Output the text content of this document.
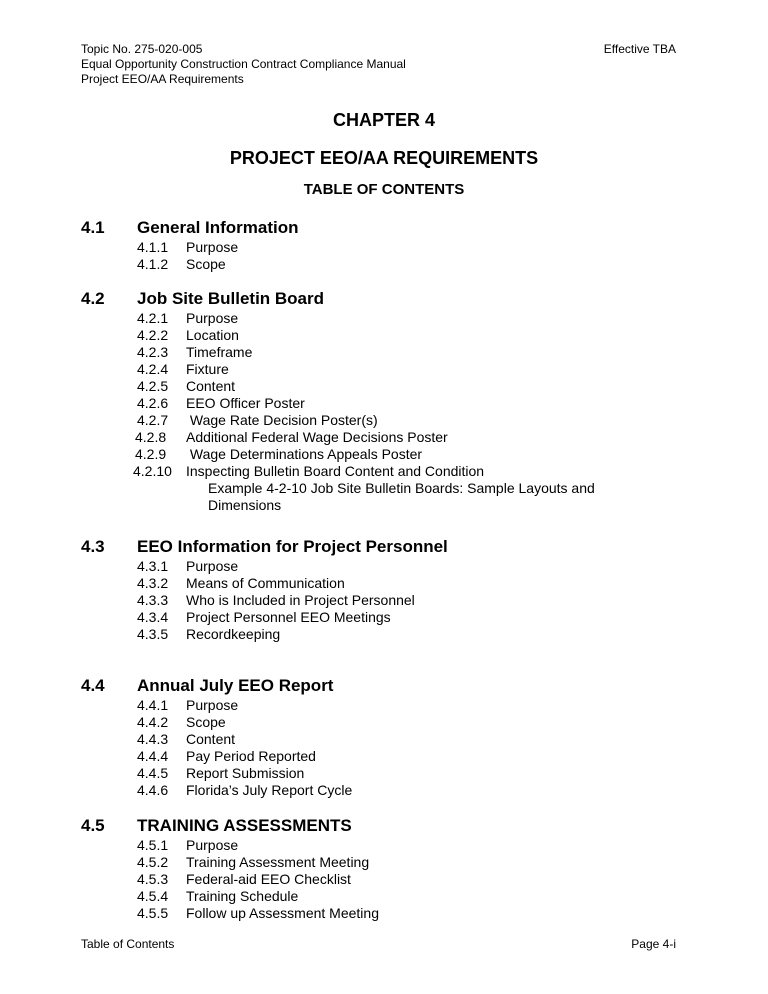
Topic No. 275-020-005
Equal Opportunity Construction Contract Compliance Manual
Project EEO/AA Requirements
Effective TBA
CHAPTER 4
PROJECT EEO/AA REQUIREMENTS
TABLE OF CONTENTS
4.1 General Information
4.1.1 Purpose
4.1.2 Scope
4.2 Job Site Bulletin Board
4.2.1 Purpose
4.2.2 Location
4.2.3 Timeframe
4.2.4 Fixture
4.2.5 Content
4.2.6 EEO Officer Poster
4.2.7 Wage Rate Decision Poster(s)
4.2.8 Additional Federal Wage Decisions Poster
4.2.9 Wage Determinations Appeals Poster
4.2.10 Inspecting Bulletin Board Content and Condition
Example 4-2-10 Job Site Bulletin Boards: Sample Layouts and Dimensions
4.3 EEO Information for Project Personnel
4.3.1 Purpose
4.3.2 Means of Communication
4.3.3 Who is Included in Project Personnel
4.3.4 Project Personnel EEO Meetings
4.3.5 Recordkeeping
4.4 Annual July EEO Report
4.4.1 Purpose
4.4.2 Scope
4.4.3 Content
4.4.4 Pay Period Reported
4.4.5 Report Submission
4.4.6 Florida’s July Report Cycle
4.5 TRAINING ASSESSMENTS
4.5.1 Purpose
4.5.2 Training Assessment Meeting
4.5.3 Federal-aid EEO Checklist
4.5.4 Training Schedule
4.5.5 Follow up Assessment Meeting
Table of Contents	Page 4-i
